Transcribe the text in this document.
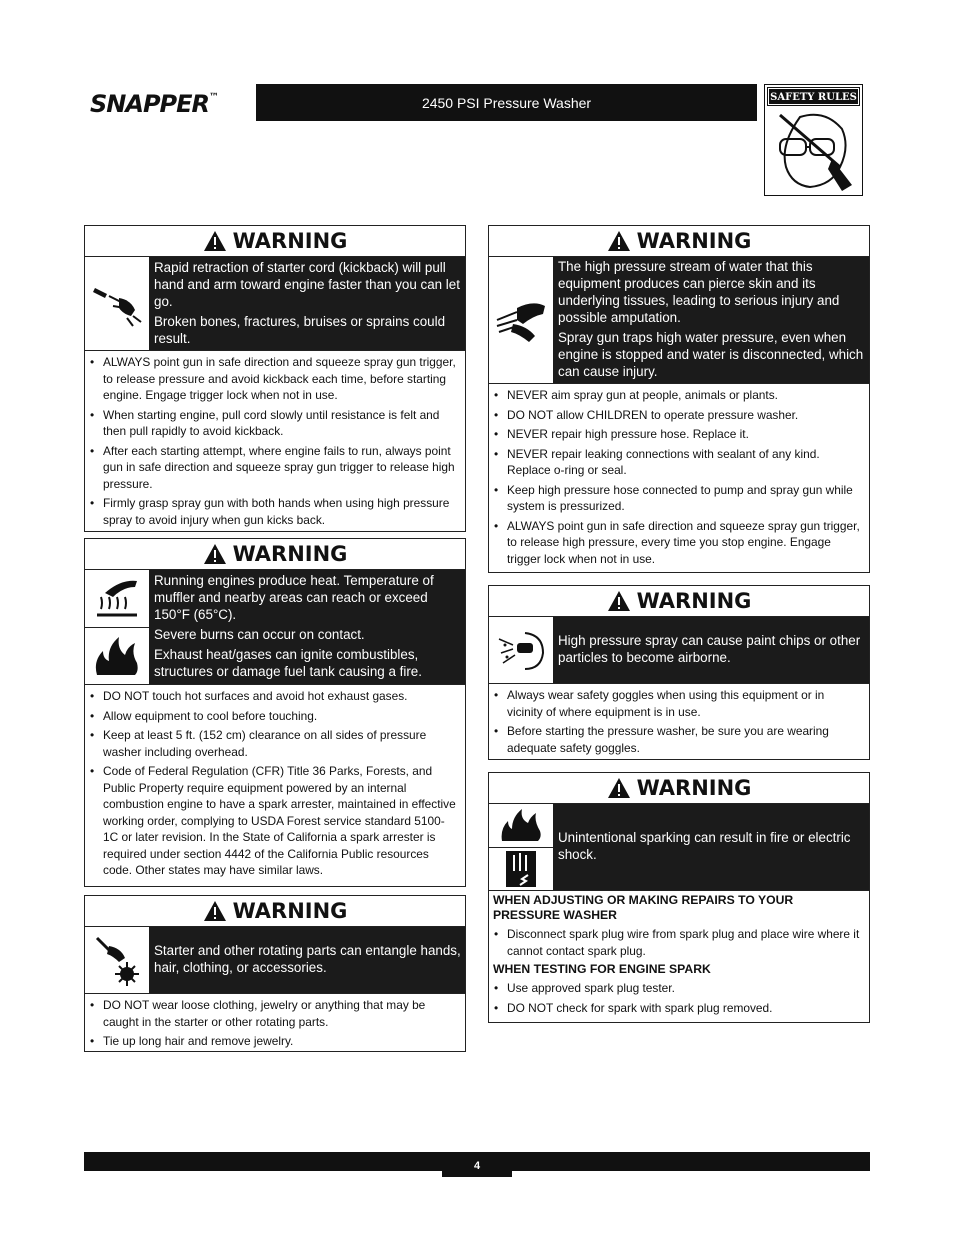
SNAPPER™	2450 PSI Pressure Washer	SAFETY RULES
WARNING

Rapid retraction of starter cord (kickback) will pull hand and arm toward engine faster than you can let go.

Broken bones, fractures, bruises or sprains could result.

• ALWAYS point gun in safe direction and squeeze spray gun trigger, to release pressure and avoid kickback each time, before starting engine. Engage trigger lock when not in use.
• When starting engine, pull cord slowly until resistance is felt and then pull rapidly to avoid kickback.
• After each starting attempt, where engine fails to run, always point gun in safe direction and squeeze spray gun trigger to release high pressure.
• Firmly grasp spray gun with both hands when using high pressure spray to avoid injury when gun kicks back.
WARNING

Running engines produce heat. Temperature of muffler and nearby areas can reach or exceed 150°F (65°C).

Severe burns can occur on contact.

Exhaust heat/gases can ignite combustibles, structures or damage fuel tank causing a fire.

• DO NOT touch hot surfaces and avoid hot exhaust gases.
• Allow equipment to cool before touching.
• Keep at least 5 ft. (152 cm) clearance on all sides of pressure washer including overhead.
• Code of Federal Regulation (CFR) Title 36 Parks, Forests, and Public Property require equipment powered by an internal combustion engine to have a spark arrester, maintained in effective working order, complying to USDA Forest service standard 5100-1C or later revision. In the State of California a spark arrester is required under section 4442 of the California Public resources code. Other states may have similar laws.
WARNING

Starter and other rotating parts can entangle hands, hair, clothing, or accessories.

• DO NOT wear loose clothing, jewelry or anything that may be caught in the starter or other rotating parts.
• Tie up long hair and remove jewelry.
WARNING

The high pressure stream of water that this equipment produces can pierce skin and its underlying tissues, leading to serious injury and possible amputation.

Spray gun traps high water pressure, even when engine is stopped and water is disconnected, which can cause injury.

• NEVER aim spray gun at people, animals or plants.
• DO NOT allow CHILDREN to operate pressure washer.
• NEVER repair high pressure hose. Replace it.
• NEVER repair leaking connections with sealant of any kind. Replace o-ring or seal.
• Keep high pressure hose connected to pump and spray gun while system is pressurized.
• ALWAYS point gun in safe direction and squeeze spray gun trigger, to release high pressure, every time you stop engine. Engage trigger lock when not in use.
WARNING

High pressure spray can cause paint chips or other particles to become airborne.

• Always wear safety goggles when using this equipment or in vicinity of where equipment is in use.
• Before starting the pressure washer, be sure you are wearing adequate safety goggles.
WARNING

Unintentional sparking can result in fire or electric shock.

WHEN ADJUSTING OR MAKING REPAIRS TO YOUR PRESSURE WASHER
• Disconnect spark plug wire from spark plug and place wire where it cannot contact spark plug.
WHEN TESTING FOR ENGINE SPARK
• Use approved spark plug tester.
• DO NOT check for spark with spark plug removed.
4
